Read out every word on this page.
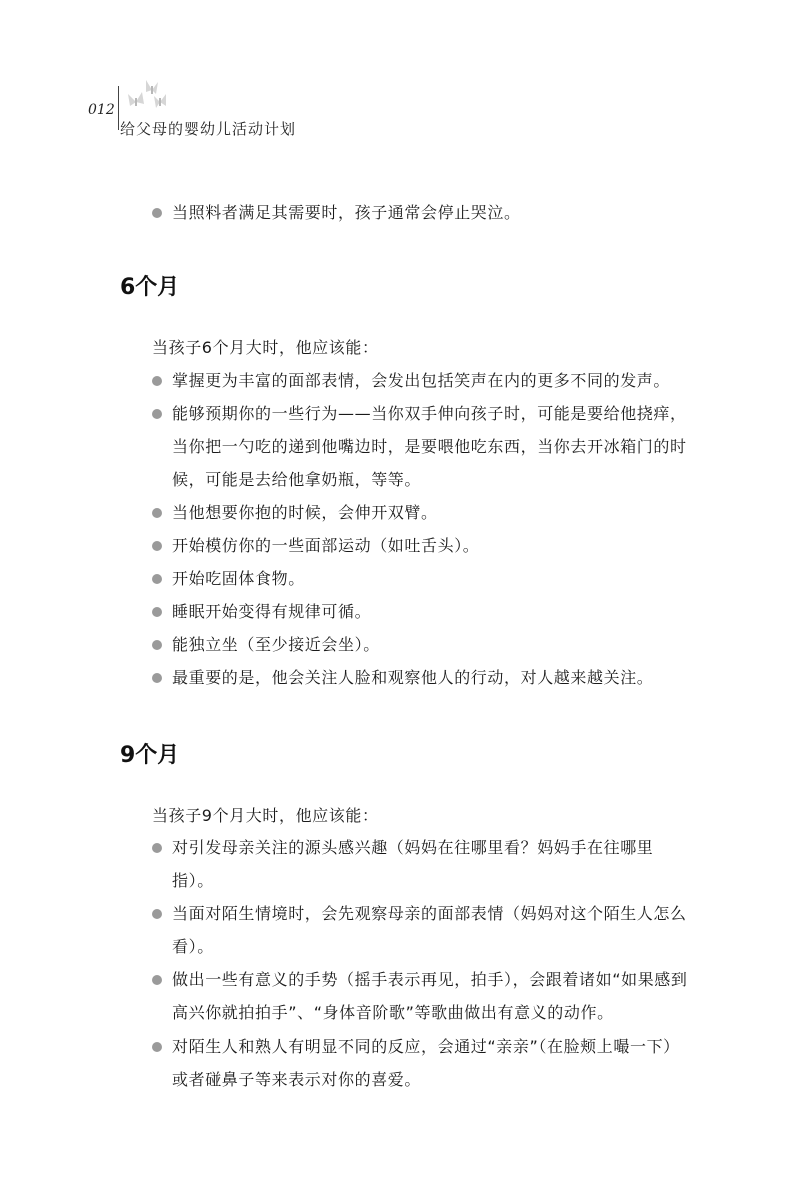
012
给父母的婴幼儿活动计划
当照料者满足其需要时，孩子通常会停止哭泣。
6个月
当孩子6个月大时，他应该能：
掌握更为丰富的面部表情，会发出包括笑声在内的更多不同的发声。
能够预期你的一些行为——当你双手伸向孩子时，可能是要给他挠痒，当你把一勺吃的递到他嘴边时，是要喂他吃东西，当你去开冰箱门的时候，可能是去给他拿奶瓶，等等。
当他想要你抱的时候，会伸开双臂。
开始模仿你的一些面部运动（如吐舌头）。
开始吃固体食物。
睡眠开始变得有规律可循。
能独立坐（至少接近会坐）。
最重要的是，他会关注人脸和观察他人的行动，对人越来越关注。
9个月
当孩子9个月大时，他应该能：
对引发母亲关注的源头感兴趣（妈妈在往哪里看？妈妈手在往哪里指）。
当面对陌生情境时，会先观察母亲的面部表情（妈妈对这个陌生人怎么看）。
做出一些有意义的手势（摇手表示再见，拍手），会跟着诸如“如果感到高兴你就拍拍手”、“身体音阶歌”等歌曲做出有意义的动作。
对陌生人和熟人有明显不同的反应，会通过“亲亲”（在脸颊上嘬一下）或者碰鼻子等来表示对你的喜爱。
